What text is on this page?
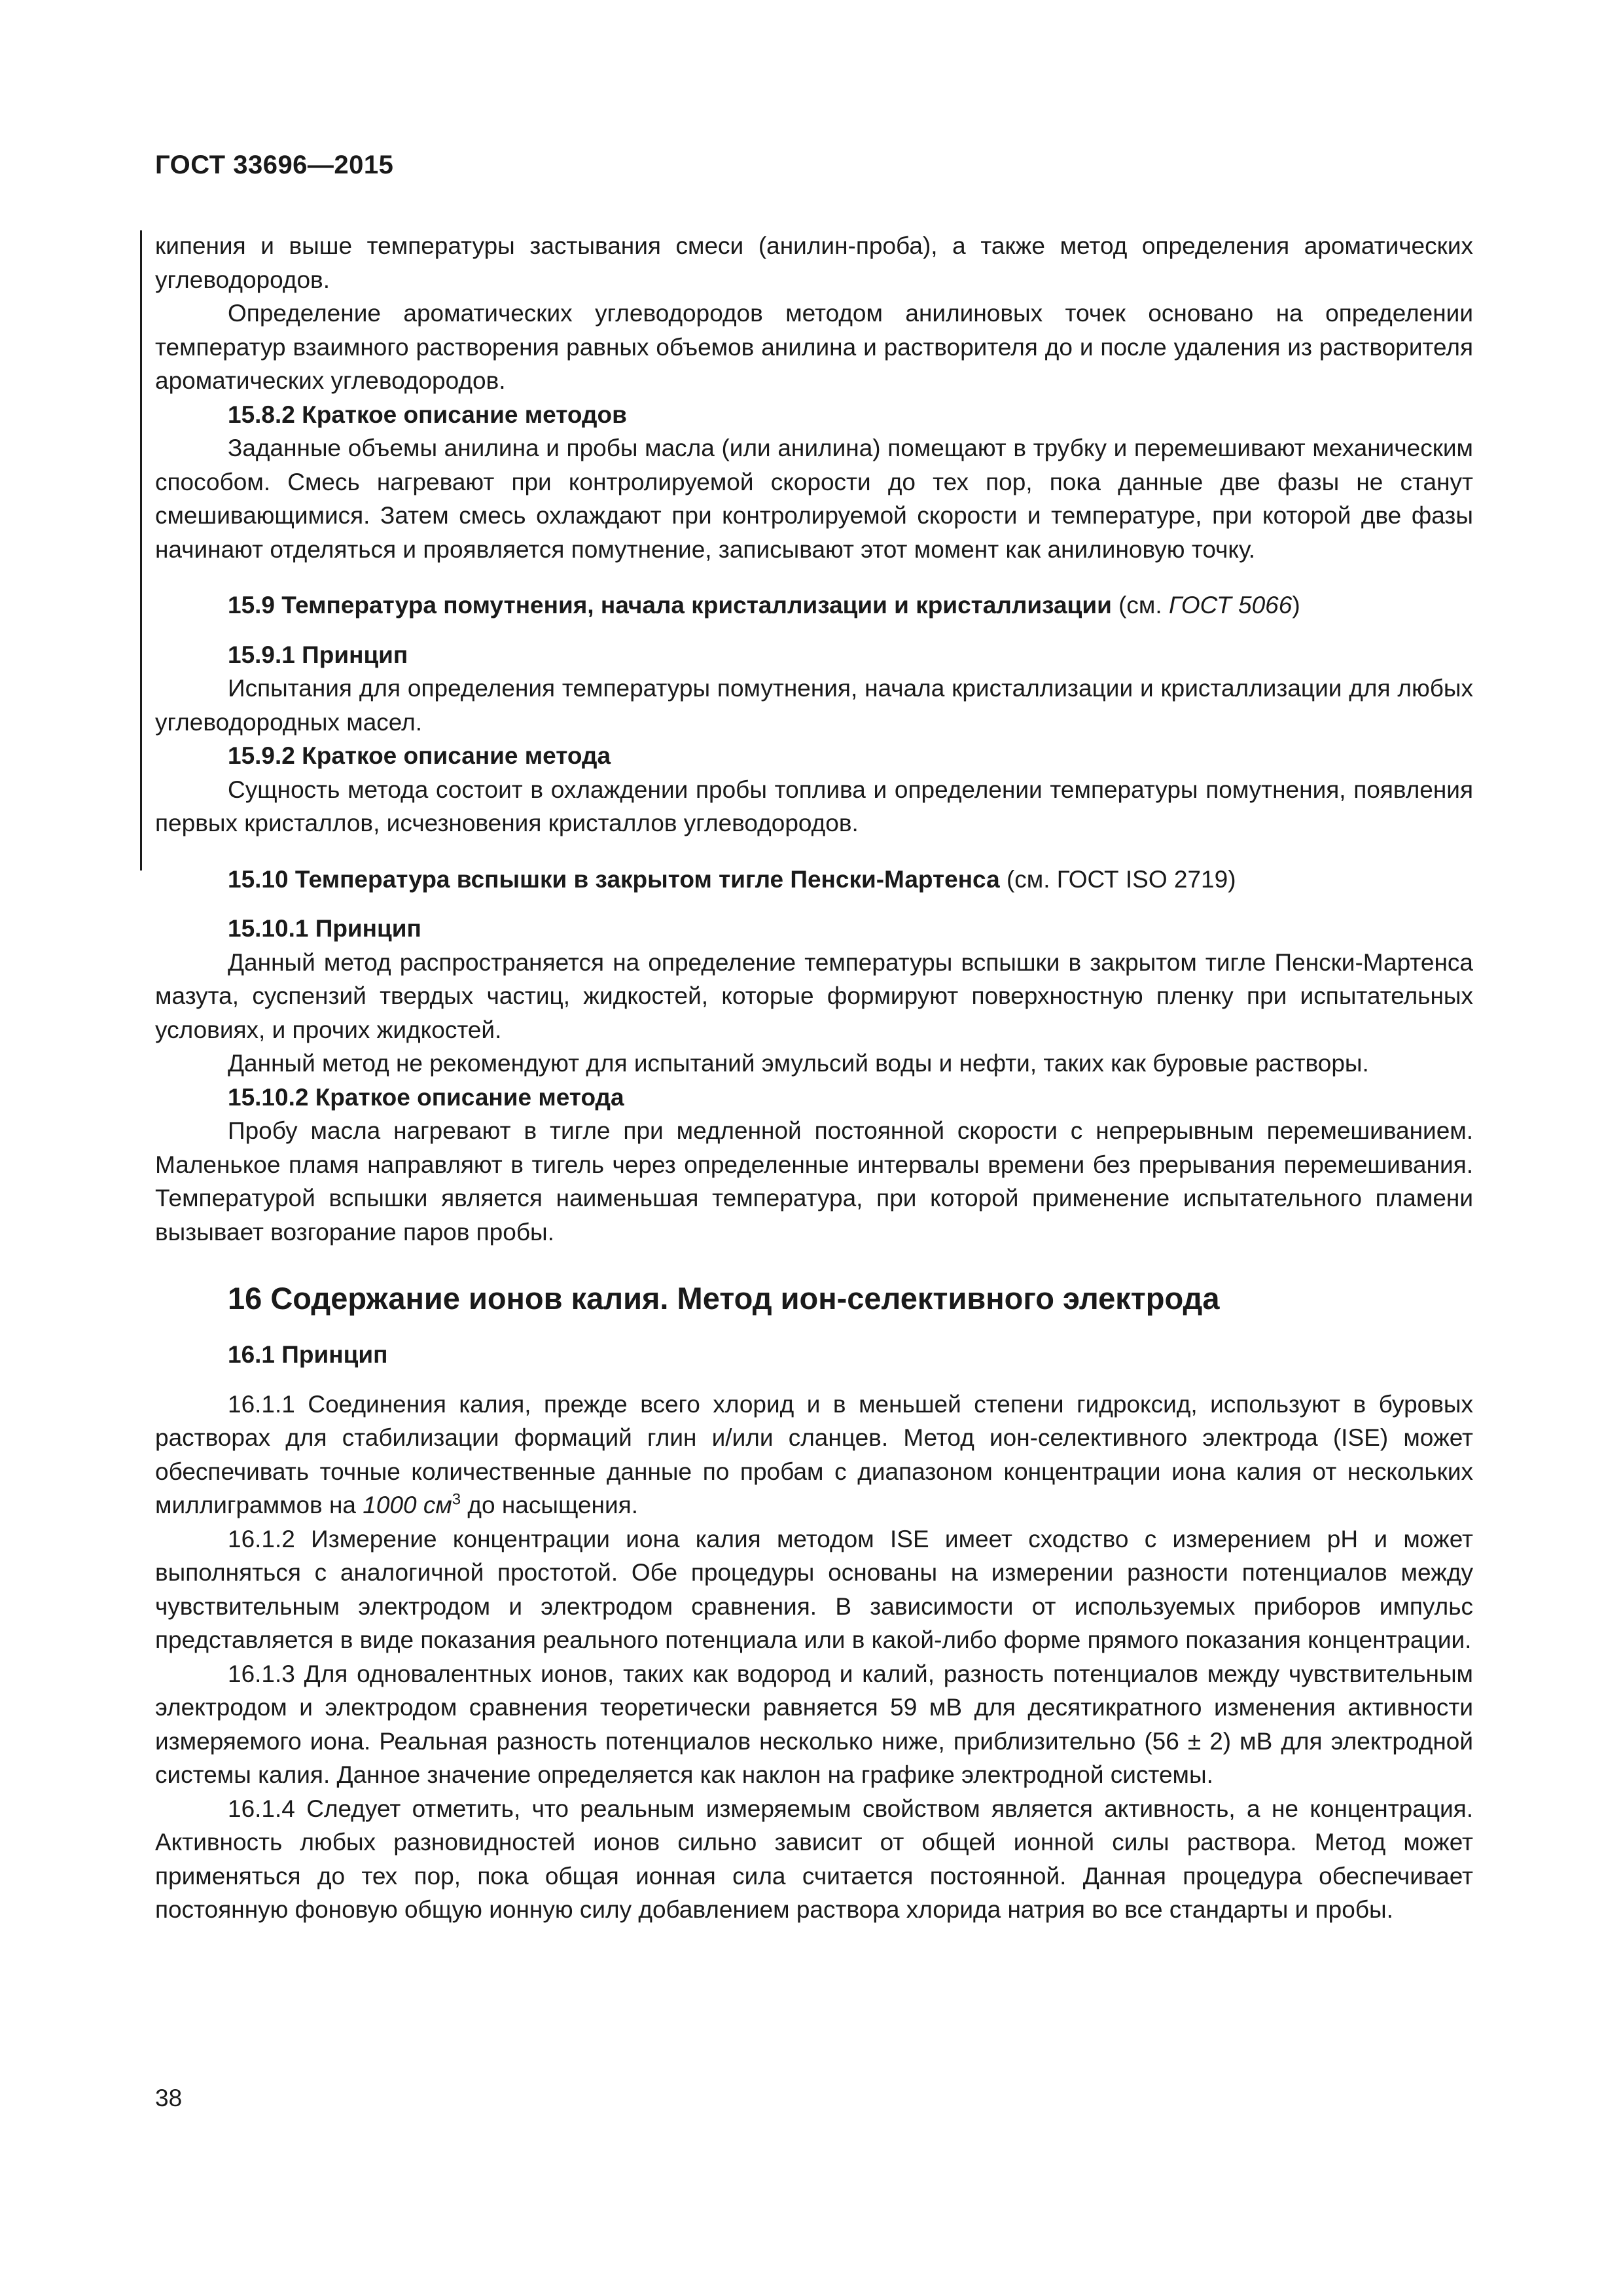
ГОСТ 33696—2015

кипения и выше температуры застывания смеси (анилин-проба), а также метод определения ароматических углеводородов.

Определение ароматических углеводородов методом анилиновых точек основано на определении температур взаимного растворения равных объемов анилина и растворителя до и после удаления из растворителя ароматических углеводородов.

15.8.2 Краткое описание методов

Заданные объемы анилина и пробы масла (или анилина) помещают в трубку и перемешивают механическим способом. Смесь нагревают при контролируемой скорости до тех пор, пока данные две фазы не станут смешивающимися. Затем смесь охлаждают при контролируемой скорости и температуре, при которой две фазы начинают отделяться и проявляется помутнение, записывают этот момент как анилиновую точку.

15.9 Температура помутнения, начала кристаллизации и кристаллизации (см. ГОСТ 5066)

15.9.1 Принцип

Испытания для определения температуры помутнения, начала кристаллизации и кристаллизации для любых углеводородных масел.

15.9.2 Краткое описание метода

Сущность метода состоит в охлаждении пробы топлива и определении температуры помутнения, появления первых кристаллов, исчезновения кристаллов углеводородов.

15.10 Температура вспышки в закрытом тигле Пенски-Мартенса (см. ГОСТ ISO 2719)

15.10.1 Принцип

Данный метод распространяется на определение температуры вспышки в закрытом тигле Пенски-Мартенса мазута, суспензий твердых частиц, жидкостей, которые формируют поверхностную пленку при испытательных условиях, и прочих жидкостей.

Данный метод не рекомендуют для испытаний эмульсий воды и нефти, таких как буровые растворы.

15.10.2 Краткое описание метода

Пробу масла нагревают в тигле при медленной постоянной скорости с непрерывным перемешиванием. Маленькое пламя направляют в тигель через определенные интервалы времени без прерывания перемешивания. Температурой вспышки является наименьшая температура, при которой применение испытательного пламени вызывает возгорание паров пробы.

16 Содержание ионов калия. Метод ион-селективного электрода

16.1 Принцип

16.1.1 Соединения калия, прежде всего хлорид и в меньшей степени гидроксид, используют в буровых растворах для стабилизации формаций глин и/или сланцев. Метод ион-селективного электрода (ISE) может обеспечивать точные количественные данные по пробам с диапазоном концентрации иона калия от нескольких миллиграммов на 1000 $см^3$ до насыщения.

16.1.2 Измерение концентрации иона калия методом ISE имеет сходство с измерением pH и может выполняться с аналогичной простотой. Обе процедуры основаны на измерении разности потенциалов между чувствительным электродом и электродом сравнения. В зависимости от используемых приборов импульс представляется в виде показания реального потенциала или в какой-либо форме прямого показания концентрации.

16.1.3 Для одновалентных ионов, таких как водород и калий, разность потенциалов между чувствительным электродом и электродом сравнения теоретически равняется 59 мВ для десятикратного изменения активности измеряемого иона. Реальная разность потенциалов несколько ниже, приблизительно (56 ± 2) мВ для электродной системы калия. Данное значение определяется как наклон на графике электродной системы.

16.1.4 Следует отметить, что реальным измеряемым свойством является активность, а не концентрация. Активность любых разновидностей ионов сильно зависит от общей ионной силы раствора. Метод может применяться до тех пор, пока общая ионная сила считается постоянной. Данная процедура обеспечивает постоянную фоновую общую ионную силу добавлением раствора хлорида натрия во все стандарты и пробы.

38
